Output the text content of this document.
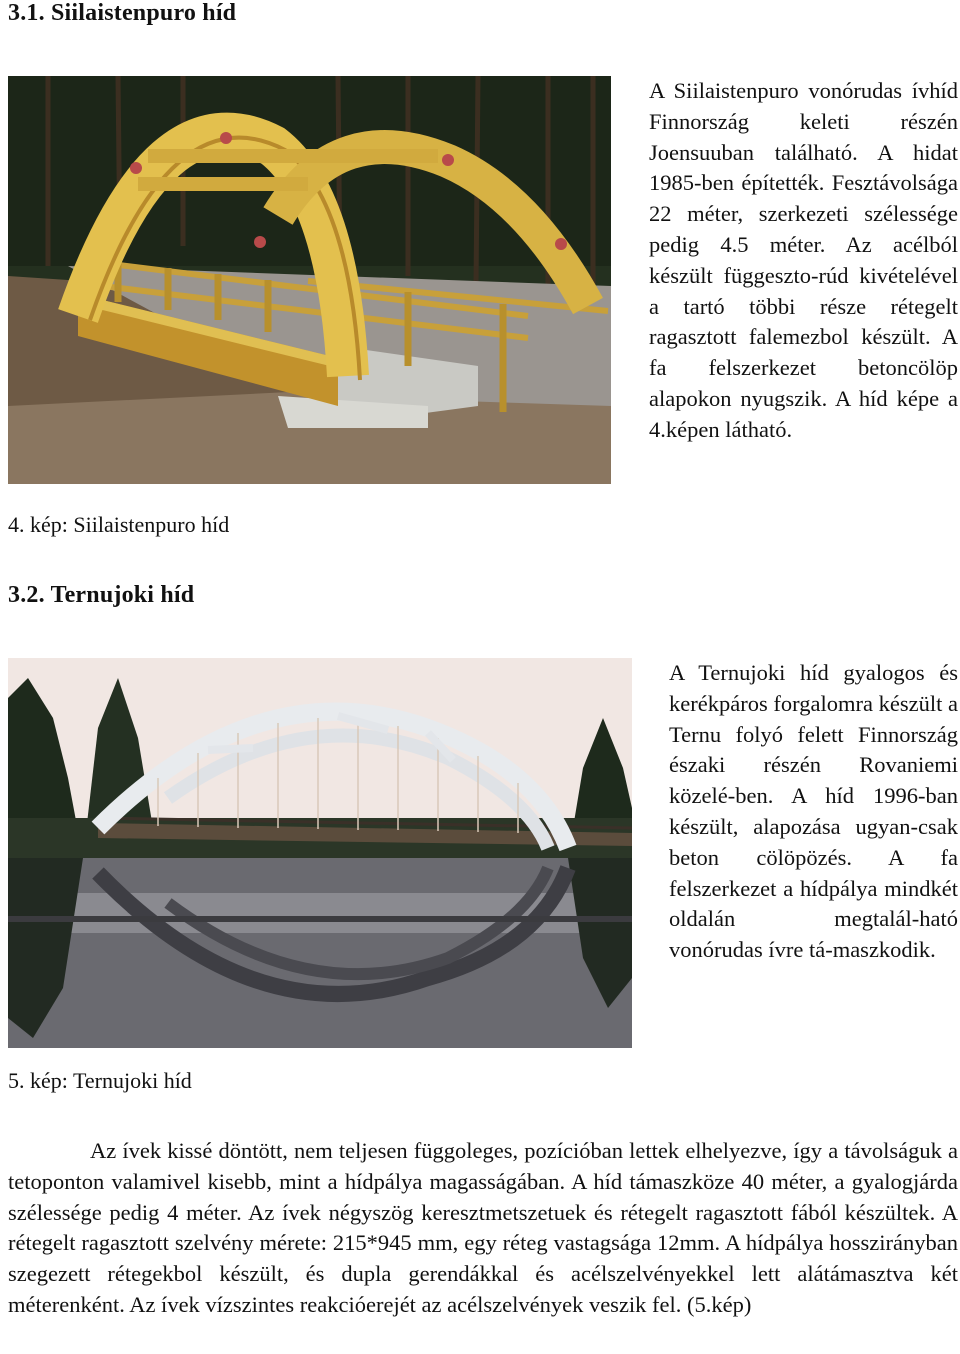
3.1. Siilaistenpuro híd

A Siilaistenpuro vonórudas ívhíd Finnország keleti részén Joensuuban található. A hidat 1985-ben építették. Fesztávolsága 22 méter, szerkezeti szélessége pedig 4.5 méter. Az acélból készült függeszto-rúd kivételével a tartó többi része rétegelt ragasztott falemezbol készült. A fa felszerkezet betoncölöp alapokon nyugszik. A híd képe a 4.képen látható.

4. kép: Siilaistenpuro híd
3.2. Ternujoki híd

A Ternujoki híd gyalogos és kerékpáros forgalomra készült a Ternu folyó felett Finnország északi részén Rovaniemi közelé-ben. A híd 1996-ban készült, alapozása ugyan-csak beton cölöpözés. A fa felszerkezet a hídpálya mindkét oldalán megtalál-ható vonórudas ívre tá-maszkodik.

5. kép: Ternujoki híd

Az ívek kissé döntött, nem teljesen függoleges, pozícióban lettek elhelyezve, így a távolságuk a tetoponton valamivel kisebb, mint a hídpálya magasságában. A híd támaszköze 40 méter, a gyalogjárda szélessége pedig 4 méter. Az ívek négyszög keresztmetszetuek és rétegelt ragasztott fából készültek. A rétegelt ragasztott szelvény mérete: 215*945 mm, egy réteg vastagsága 12mm. A hídpálya hosszirányban szegezett rétegekbol készült, és dupla gerendákkal és acélszelvényekkel lett alátámasztva két méterenként. Az ívek vízszintes reakcióerejét az acélszelvények veszik fel. (5.kép)
